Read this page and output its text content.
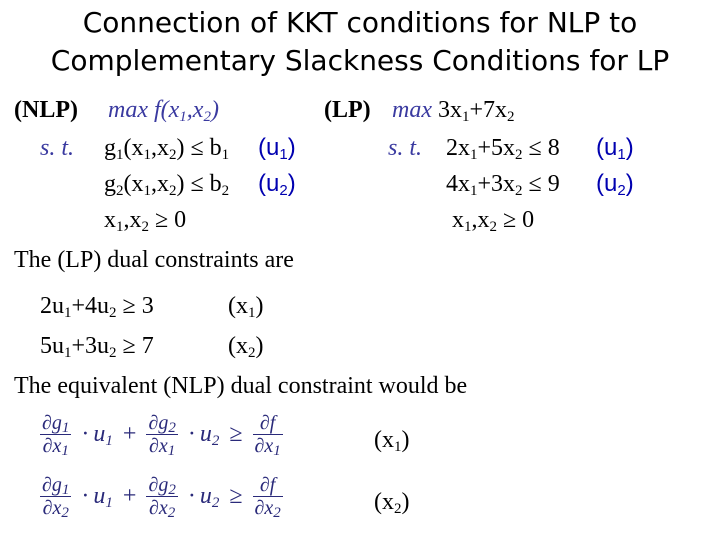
Connection of KKT conditions for NLP to
Complementary Slackness Conditions for LP
(NLP) $\max f(x_1,x_2)$
s. t. $g_1(x_1,x_2) \le b_1$ $(u_1)$
$g_2(x_1,x_2) \le b_2$ $(u_2)$
$x_1,x_2 \ge 0$
(LP) $\max 3x_1+7x_2$
s. t. $2x_1+5x_2 \le 8$ $(u_1)$
$4x_1+3x_2 \le 9$ $(u_2)$
$x_1,x_2 \ge 0$
The (LP) dual constraints are
$2u_1+4u_2 \ge 3$	$(x_1)$
$5u_1+3u_2 \ge 7$	$(x_2)$
The equivalent (NLP) dual constraint would be
$\frac{\partial g_1}{\partial x_1} \cdot u_1 + \frac{\partial g_2}{\partial x_1} \cdot u_2 \ge \frac{\partial f}{\partial x_1}$	$(x_1)$
$\frac{\partial g_1}{\partial x_2} \cdot u_1 + \frac{\partial g_2}{\partial x_2} \cdot u_2 \ge \frac{\partial f}{\partial x_2}$	$(x_2)$
